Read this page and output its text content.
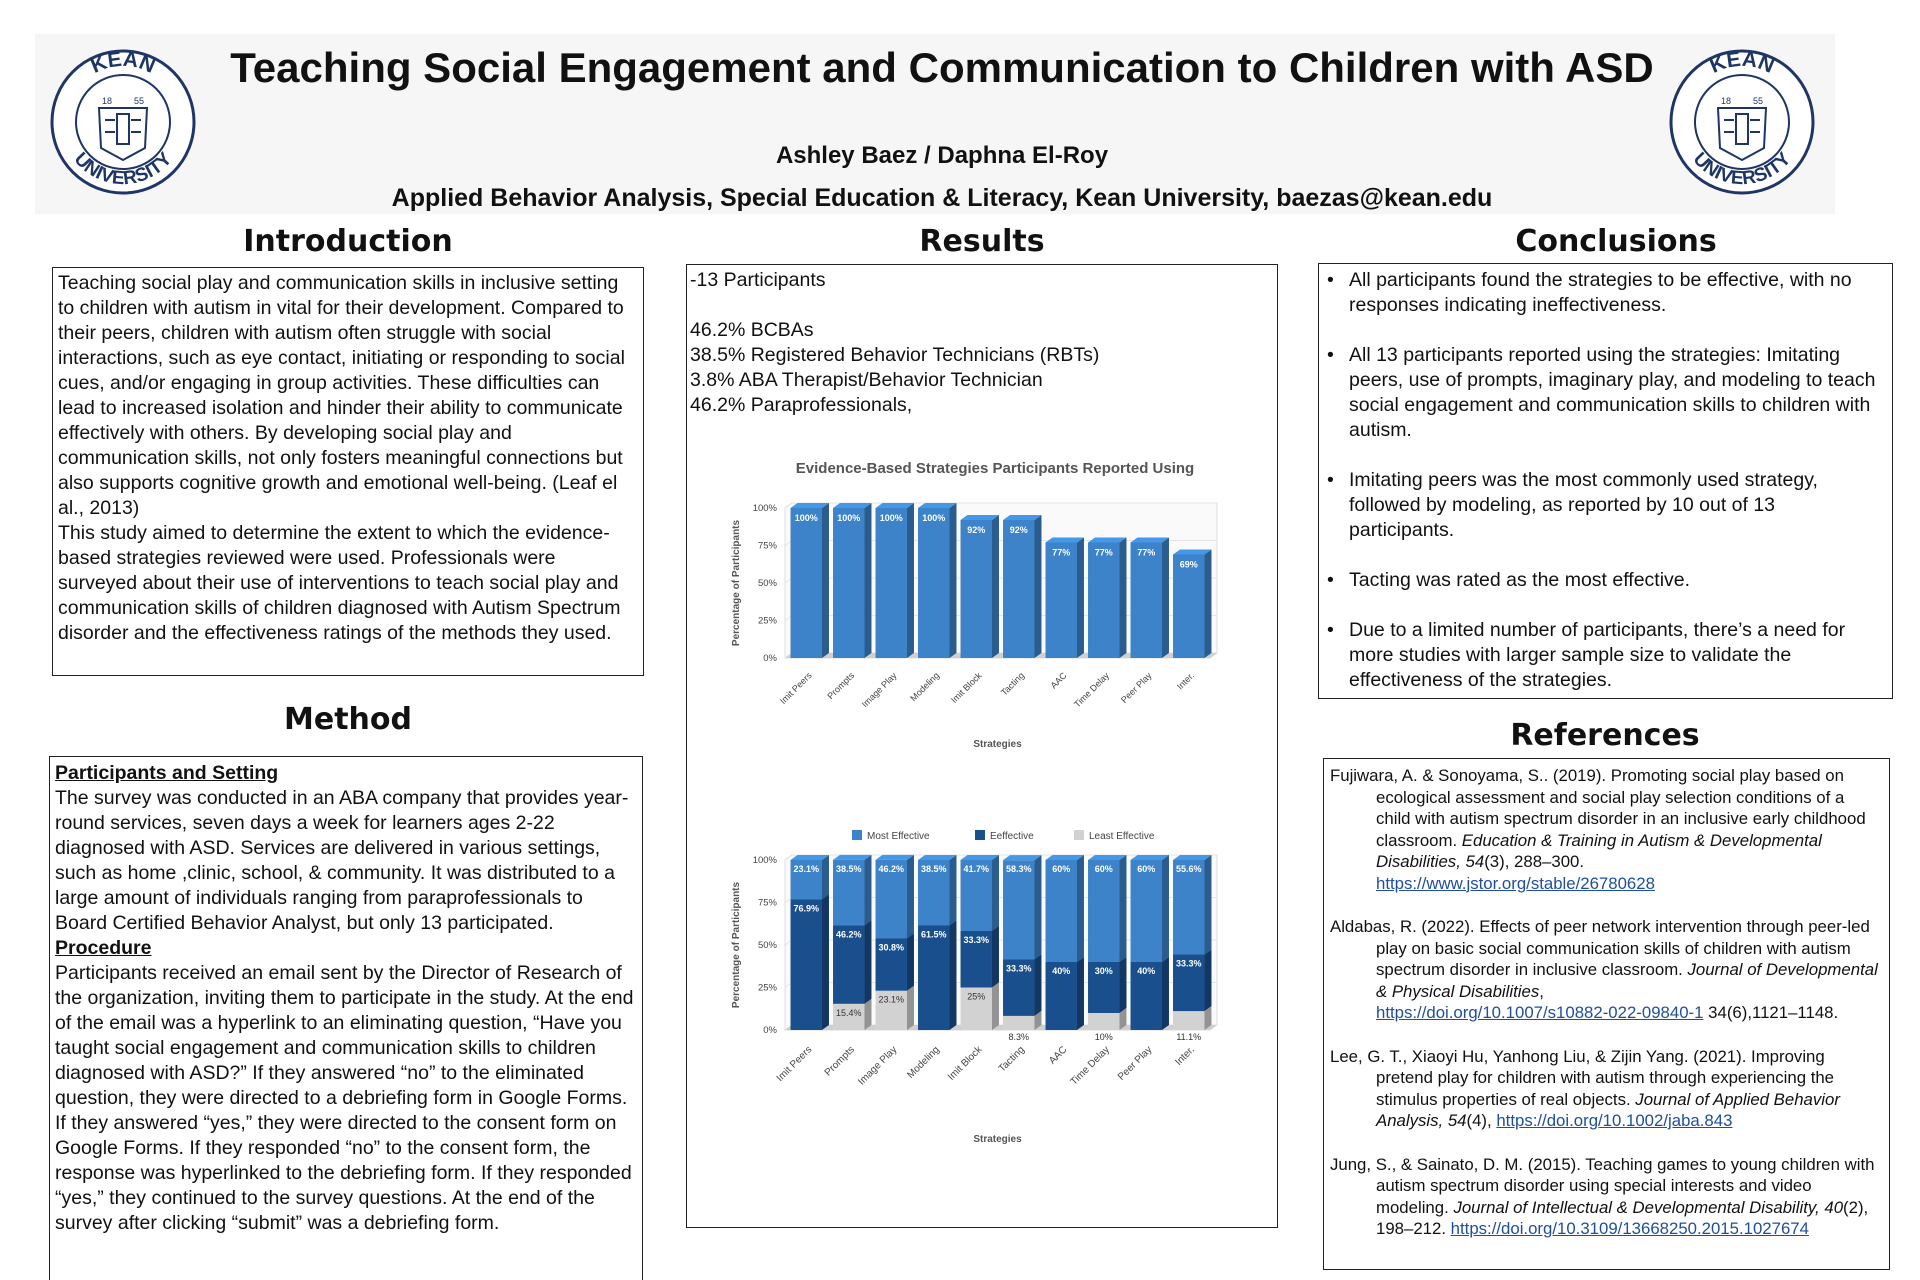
KEAN
UNIVERSITY
18 55
KEAN
UNIVERSITY
18 55
Teaching Social Engagement and Communication to Children with ASD
Ashley Baez / Daphna El-Roy
Applied Behavior Analysis, Special Education & Literacy, Kean University, baezas@kean.edu
Introduction
Teaching social play and communication skills in inclusive setting to children with autism in vital for their development. Compared to their peers, children with autism often struggle with social interactions, such as eye contact, initiating or responding to social cues, and/or engaging in group activities. These difficulties can lead to increased isolation and hinder their ability to communicate effectively with others. By developing social play and communication skills, not only fosters meaningful connections but also supports cognitive growth and emotional well-being. (Leaf el al., 2013)
This study aimed to determine the extent to which the evidence-based strategies reviewed were used. Professionals were surveyed about their use of interventions to teach social play and communication skills of children diagnosed with Autism Spectrum disorder and the effectiveness ratings of the methods they used.
Method
Participants and Setting
The survey was conducted in an ABA company that provides year-round services, seven days a week for learners ages 2-22 diagnosed with ASD. Services are delivered in various settings, such as home ,clinic, school, & community. It was distributed to a large amount of individuals ranging from paraprofessionals to Board Certified Behavior Analyst, but only 13 participated.
Procedure
Participants received an email sent by the Director of Research of the organization, inviting them to participate in the study. At the end of the email was a hyperlink to an eliminating question, “Have you taught social engagement and communication skills to children diagnosed with ASD?” If they answered “no” to the eliminated question, they were directed to a debriefing form in Google Forms. If they answered “yes,” they were directed to the consent form on Google Forms. If they responded “no” to the consent form, the response was hyperlinked to the debriefing form. If they responded “yes,” they continued to the survey questions. At the end of the survey after clicking “submit” was a debriefing form.
Results
-13 Participants
46.2% BCBAs
38.5% Registered Behavior Technicians (RBTs)
3.8% ABA Therapist/Behavior Technician
46.2% Paraprofessionals,
Evidence-Based Strategies Participants Reported Using
0%
25%
50%
75%
100%
Percentage of Participants
100%
Imit Peers
100%
Prompts
100%
Image Play
100%
Modeling
92%
Imit Block
92%
Tacting
77%
AAC
77%
Time Delay
77%
Peer Play
69%
Inter.
Strategies
Most Effective	Eeffective	Least Effective
0%
25%
50%
75%
100%
Percentage of Participants	76.9%
23.1%
Imit Peers
15.4%
46.2%
38.5%
Prompts
23.1%
30.8%
46.2%
Image Play
61.5%
38.5%
Modeling
25%
33.3%
41.7%
Imit Block
8.3%
33.3%
58.3%
Tacting
40%
60%
AAC
10%
30%
60%
Time Delay
40%
60%
Peer Play
11.1%
33.3%
55.6%
Inter.
Strategies
Conclusions
• All participants found the strategies to be effective, with no responses indicating ineffectiveness.
• All 13 participants reported using the strategies: Imitating peers, use of prompts, imaginary play, and modeling to teach social engagement and communication skills to children with autism.
• Imitating peers was the most commonly used strategy, followed by modeling, as reported by 10 out of 13 participants.
• Tacting was rated as the most effective.
• Due to a limited number of participants, there’s a need for more studies with larger sample size to validate the effectiveness of the strategies.
References
Fujiwara, A. & Sonoyama, S.. (2019). Promoting social play based on ecological assessment and social play selection conditions of a child with autism spectrum disorder in an inclusive early childhood classroom. Education & Training in Autism & Developmental Disabilities, 54(3), 288–300.
https://www.jstor.org/stable/26780628
Aldabas, R. (2022). Effects of peer network intervention through peer-led play on basic social communication skills of children with autism spectrum disorder in inclusive classroom. Journal of Developmental & Physical Disabilities,
https://doi.org/10.1007/s10882-022-09840-1 34(6),1121–1148.
Lee, G. T., Xiaoyi Hu, Yanhong Liu, & Zijin Yang. (2021). Improving pretend play for children with autism through experiencing the stimulus properties of real objects. Journal of Applied Behavior Analysis, 54(4), https://doi.org/10.1002/jaba.843
Jung, S., & Sainato, D. M. (2015). Teaching games to young children with autism spectrum disorder using special interests and video modeling. Journal of Intellectual & Developmental Disability, 40(2), 198–212. https://doi.org/10.3109/13668250.2015.1027674
